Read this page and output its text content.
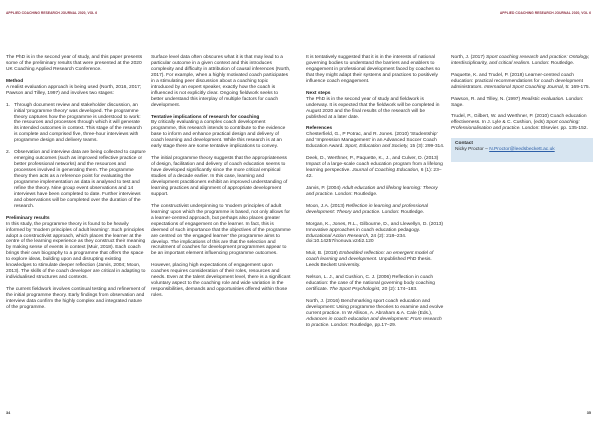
APPLIED COACHING RESEARCH JOURNAL 2020, VOL 6

The PhD is in the second year of study, and this paper presents some of the preliminary results that were presented at the 2020 UK Coaching Applied Research Conference.

Method

A realist evaluation approach is being used (North, 2016, 2017; Pawson and Tilley, 1997) and involves two stages:

1. Through document review and stakeholder discussion, an initial 'programme theory' was developed. The programme theory captures how the programme is understood to work: the resources and processes through which it will generate its intended outcomes in context. This stage of the research is complete and comprised five, three-hour interviews with programme design and delivery teams.
2. Observation and interview data are being collected to capture emerging outcomes (such as improved reflective practice or better professional networks) and the resources and processes involved in generating them. The programme theory then acts as a reference point for evaluating the programme implementation as data is analysed to test and refine the theory. Nine group event observations and 14 interviews have been completed to date. Further interviews and observations will be completed over the duration of the research.
Preliminary results

In this study, the programme theory is found to be heavily informed by 'modern principles of adult learning'. Such principles adopt a constructivist approach, which places the learner at the centre of the learning experience as they construct their meaning by making sense of events in context (Muir, 2018). Each coach brings their own biography to a programme that offers the space to explore ideas, building upon and disrupting existing knowledges to stimulate deeper reflection (Jarvis, 2004; Moon, 2013). The skills of the coach developer are critical in adapting to individualised structures and contexts.

The current fieldwork involves continual testing and refinement of the initial programme theory. Early findings from observation and interview data confirm the highly complex and integrated nature of the programme.

Surface level data often obscures what it is that may lead to a particular outcome in a given context and this introduces complexity and difficulty in attribution of causal inferences (North, 2017). For example, when a highly motivated coach participates in a stimulating peer discussion about a coaching topic introduced by an expert speaker, exactly how the coach is influenced is not explicitly clear. Ongoing fieldwork seeks to better understand this interplay of multiple factors for coach development.

Tentative implications of research for coaching

By critically evaluating a complex coach development programme, this research intends to contribute to the evidence base to inform and enhance practical design and delivery of coach learning and development. While this research is at an early stage there are some tentative implications to convey.

The initial programme theory suggests that the appropriateness of design, facilitation and delivery of coach education seems to have developed significantly since the more critical empirical studies of a decade earlier. In this case, learning and development practitioners exhibit an improved understanding of learning practices and alignment of appropriate development support.

The constructivist underpinning to 'modern principles of adult learning' upon which the programme is based, not only allows for a learner-centred approach, but perhaps also places greater expectations of engagement on the learner. In fact, this is deemed of such importance that the objectives of the programme are centred on 'the engaged learner' the programme aims to develop. The implications of this are that the selection and recruitment of coaches for development programmes appear to be an important element influencing programme outcomes.

However, placing high expectations of engagement upon coaches requires consideration of their roles, resources and needs. Even at the talent development level, there is a significant voluntary aspect to the coaching role and wide variation in the responsibilities, demands and opportunities offered within those roles.

34
APPLIED COACHING RESEARCH JOURNAL 2020, VOL 6

It is tentatively suggested that it is in the interests of national governing bodies to understand the barriers and enablers to engagement in professional development faced by coaches so that they might adapt their systems and practices to positively influence coach engagement.

Next steps

The PhD is in the second year of study and fieldwork is underway. It is expected that the fieldwork will be completed in August 2020 and the final results of the research will be published at a later date.

References

Chesterfield, G., P Potrac, and R. Jones. (2010) 'Studentship' and 'Impression Management' in an Advanced Soccer Coach Education Award. Sport, Education and Society, 15 (3): 299-314.

Deek, D., Werthner, P., Paquette, K., J., and Culver, D. (2013) Impact of a large-scale coach education program from a lifelong learning perspective. Journal of Coaching Education, 6 (1): 23–42.

Jarvis, P. (2004) Adult education and lifelong learning: Theory and practice. London: Routledge.

Moon, J.A. (2013) Reflection in learning and professional development: Theory and practice. London: Routledge.

Morgan, K., Jones, R.L., Gilbourne, D., and Llewellyn, D. (2013) Innovative approaches in coach education pedagogy. Educational Action Research, 24 (2): 218–234. doi:10.14257/nonuva.v24i2.120

Muir, B. (2018) Embedded reflection: an emergent model of coach learning and development. Unpublished PhD thesis. Leeds Beckett University.

Nelson, L. J., and Cushion, C. J. (2006) Reflection in coach education: the case of the national governing body coaching certificate. The Sport Psychologist, 20 (2): 174–183.

North, J. (2016) Benchmarking sport coach education and development: Using programme theories to examine and evolve current practice. In W Allison, A. Abraham & A. Cale (Eds.), Advances in coach education and development: From research to practice. London: Routledge, pp.17–29.

North, J. (2017) Sport coaching research and practice: Ontology, interdisciplinarity, and critical realism. London: Routledge.

Paquette, K. and Trudel, P. (2018) Learner-centred coach education: practical recommendations for coach development administrators. International Sport Coaching Journal, 5: 169-175.

Pawson, R. and Tilley, N. (1997) Realistic evaluation. London: Sage.

Trudel, P., Gilbert, W. and Werthner, P. (2010) Coach education effectiveness. In J. Lyle & C. Cushion, (eds) Sport coaching: Professionalisation and practice. London: Elsevier. pp. 135-152.

Contact

Nicky Proctor – N.Proctor@leedsbeckett.ac.uk

35
